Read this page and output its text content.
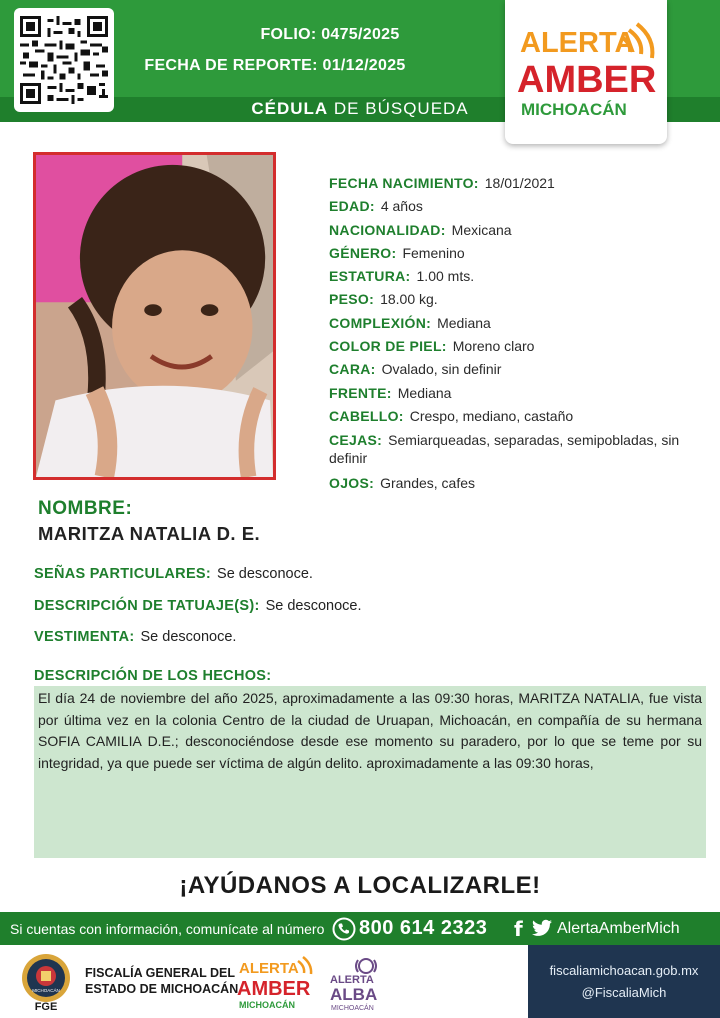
FOLIO: 0475/2025
FECHA DE REPORTE: 01/12/2025
CÉDULA DE BÚSQUEDA
ALERTA
AMBER
MICHOACÁN
FECHA NACIMIENTO: 18/01/2021
EDAD: 4 años
NACIONALIDAD: Mexicana
GÉNERO: Femenino
ESTATURA: 1.00 mts.
PESO: 18.00 kg.
COMPLEXIÓN: Mediana
COLOR DE PIEL: Moreno claro
CARA: Ovalado, sin definir
FRENTE: Mediana
CABELLO: Crespo, mediano, castaño
CEJAS: Semiarqueadas, separadas, semipobladas, sin definir
OJOS: Grandes, cafes
NOMBRE:
MARITZA NATALIA D. E.
SEÑAS PARTICULARES: Se desconoce.
DESCRIPCIÓN DE TATUAJE(S): Se desconoce.
VESTIMENTA: Se desconoce.
DESCRIPCIÓN DE LOS HECHOS:
El día 24 de noviembre del año 2025, aproximadamente a las 09:30 horas, MARITZA NATALIA, fue vista por última vez en la colonia Centro de la ciudad de Uruapan, Michoacán, en compañía de su hermana SOFIA CAMILIA D.E.; desconociéndose desde ese momento su paradero, por lo que se teme por su integridad, ya que puede ser víctima de algún delito. aproximadamente a las 09:30 horas,
¡AYÚDANOS A LOCALIZARLE!
Si cuentas con información, comunícate al número 800 614 2323 f AlertaAmberMich
MICHOACÁN
FGE
FISCALÍA GENERAL DEL
ESTADO DE MICHOACÁN
ALERTA
AMBER
MICHOACÁN
ALERTA
ALBA
MICHOACÁN
fiscaliamichoacan.gob.mx
@FiscaliaMich
